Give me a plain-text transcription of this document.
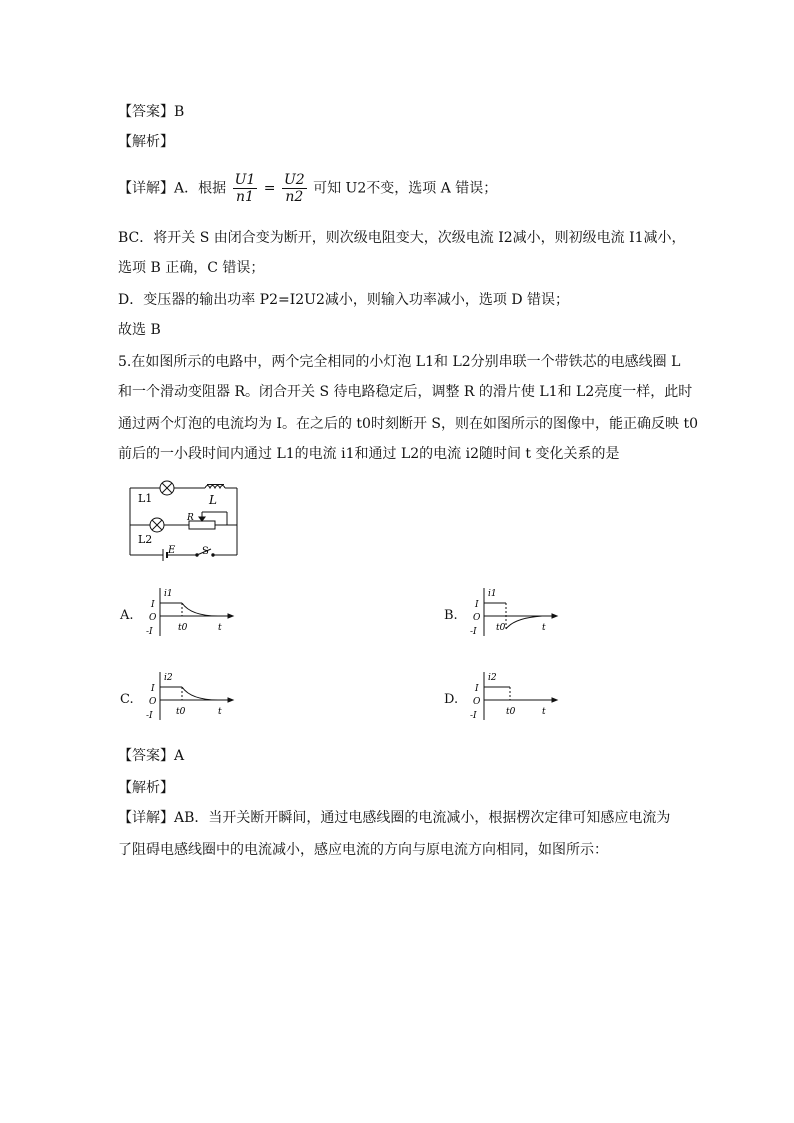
【答案】B
【解析】
【详解】A．根据 $\frac{U1}{n1} = \frac{U2}{n2}$ 可知 U2不变，选项 A 错误；
BC．将开关 S 由闭合变为断开，则次级电阻变大，次级电流 I2减小，则初级电流 I1减小，
选项 B 正确，C 错误；
D．变压器的输出功率 P2=I2U2减小，则输入功率减小，选项 D 错误；
故选 B
5.在如图所示的电路中，两个完全相同的小灯泡 L1和 L2分别串联一个带铁芯的电感线圈 L
和一个滑动变阻器 R。闭合开关 S 待电路稳定后，调整 R 的滑片使 L1和 L2亮度一样，此时
通过两个灯泡的电流均为 I。在之后的 t0时刻断开 S，则在如图所示的图像中，能正确反映 t0
前后的一小段时间内通过 L1的电流 i1和通过 L2的电流 i2随时间 t 变化关系的是
L1
L2
L
R
E	S
A.
i1
I
O
-I	t0	t
B.
i1
I
O
-I t0	t
C.
i2
I
O
-I	t0	t
D.
i2
I
O
-I	t0	t
【答案】A
【解析】
【详解】AB．当开关断开瞬间，通过电感线圈的电流减小，根据楞次定律可知感应电流为
了阻碍电感线圈中的电流减小，感应电流的方向与原电流方向相同，如图所示：
